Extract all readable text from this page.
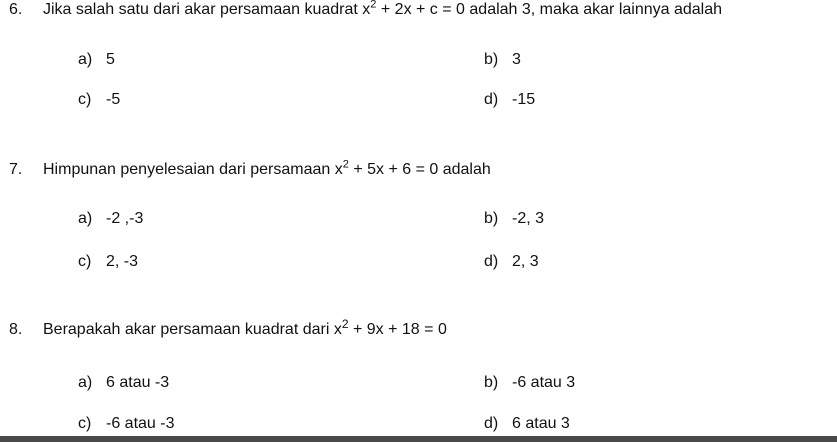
6. Jika salah satu dari akar persamaan kuadrat $x^2 + 2x + c = 0$ adalah 3, maka akar lainnya adalah
a) 5	b) 3
c) -5	d) -15
7. Himpunan penyelesaian dari persamaan $x^2 + 5x + 6 = 0$ adalah
a) -2 ,-3	b) -2, 3
c) 2, -3	d) 2, 3
8. Berapakah akar persamaan kuadrat dari $x^2 + 9x + 18 = 0$
a) 6 atau -3	b) -6 atau 3
c) -6 atau -3	d) 6 atau 3
